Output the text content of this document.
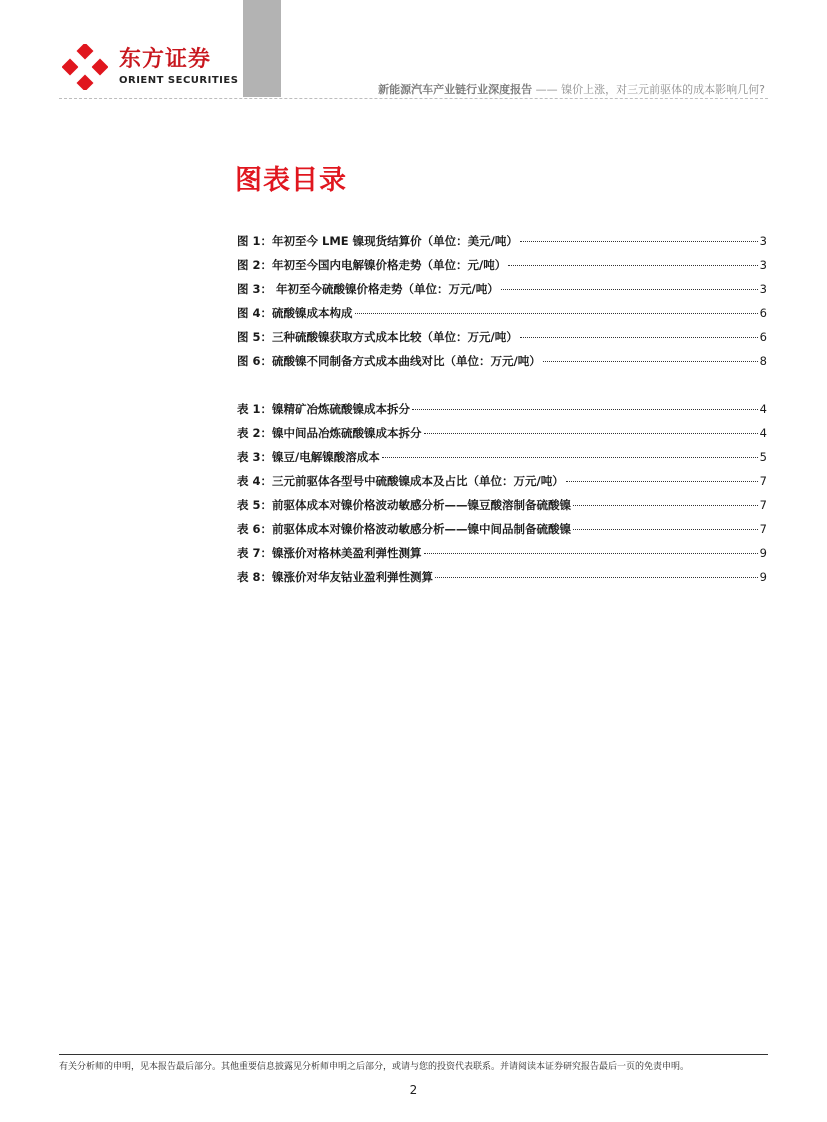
东方证券
ORIENT SECURITIES
新能源汽车产业链行业深度报告 —— 镍价上涨，对三元前驱体的成本影响几何?
图表目录
图 1：年初至今 LME 镍现货结算价（单位：美元/吨）	3
图 2：年初至今国内电解镍价格走势（单位：元/吨）	3
图 3： 年初至今硫酸镍价格走势（单位：万元/吨）	3
图 4：硫酸镍成本构成	6
图 5：三种硫酸镍获取方式成本比较（单位：万元/吨）	6
图 6：硫酸镍不同制备方式成本曲线对比（单位：万元/吨）	8
表 1：镍精矿冶炼硫酸镍成本拆分	4
表 2：镍中间品冶炼硫酸镍成本拆分	4
表 3：镍豆/电解镍酸溶成本	5
表 4：三元前驱体各型号中硫酸镍成本及占比（单位：万元/吨）	7
表 5：前驱体成本对镍价格波动敏感分析——镍豆酸溶制备硫酸镍	7
表 6：前驱体成本对镍价格波动敏感分析——镍中间品制备硫酸镍	7
表 7：镍涨价对格林美盈利弹性测算	9
表 8：镍涨价对华友钴业盈利弹性测算	9
有关分析师的申明，见本报告最后部分。其他重要信息披露见分析师申明之后部分，或请与您的投资代表联系。并请阅读本证券研究报告最后一页的免责申明。
2
